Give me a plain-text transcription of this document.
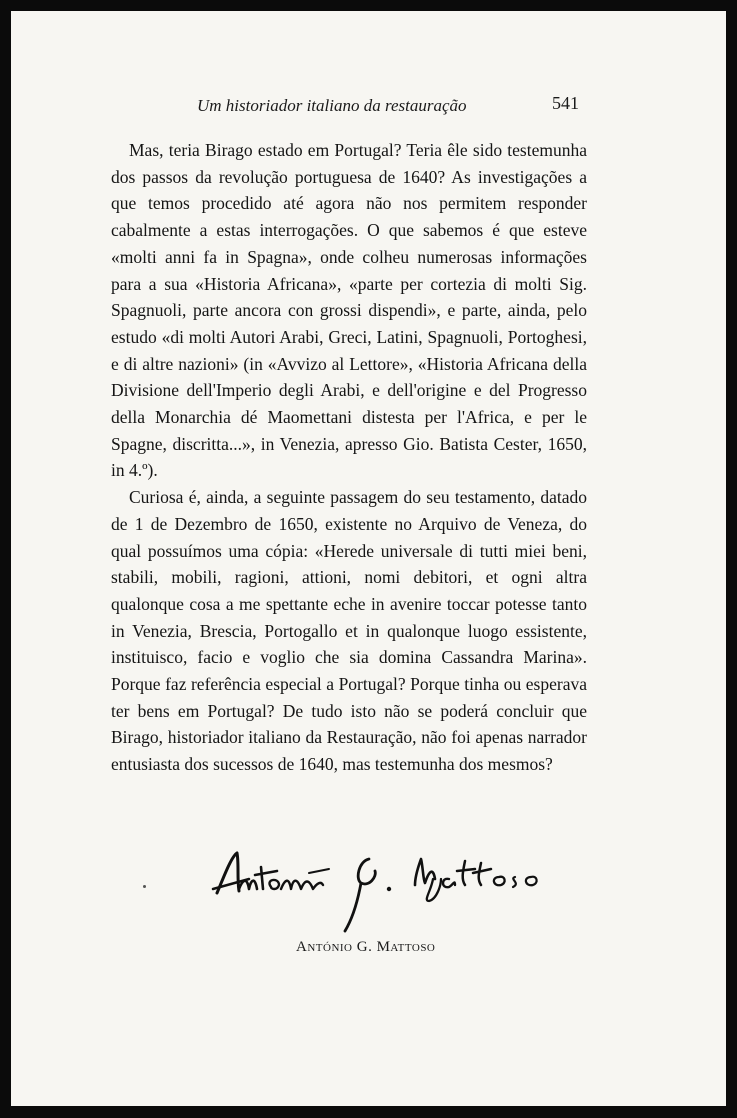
Um historiador italiano da restauração	541

Mas, teria Birago estado em Portugal? Teria êle sido testemunha dos passos da revolução portuguesa de 1640? As investigações a que temos procedido até agora não nos permitem responder cabalmente a estas interrogações. O que sabemos é que esteve «molti anni fa in Spagna», onde colheu numerosas informações para a sua «Historia Africana», «parte per cortezia di molti Sig. Spagnuoli, parte ancora con grossi dispendi», e parte, ainda, pelo estudo «di molti Autori Arabi, Greci, Latini, Spagnuoli, Portoghesi, e di altre nazioni» (in «Avvizo al Lettore», «Historia Africana della Divisione dell'Imperio degli Arabi, e dell'origine e del Progresso della Monarchia dé Maomettani distesta per l'Africa, e per le Spagne, discritta...», in Venezia, apresso Gio. Batista Cester, 1650, in 4.º).

Curiosa é, ainda, a seguinte passagem do seu testamento, datado de 1 de Dezembro de 1650, existente no Arquivo de Veneza, do qual possuímos uma cópia: «Herede universale di tutti miei beni, stabili, mobili, ragioni, attioni, nomi debitori, et ogni altra qualonque cosa a me spettante eche in avenire toccar potesse tanto in Venezia, Brescia, Portogallo et in qualonque luogo essistente, instituisco, facio e voglio che sia domina Cassandra Marina». Porque faz referência especial a Portugal? Porque tinha ou esperava ter bens em Portugal? De tudo isto não se poderá concluir que Birago, historiador italiano da Restauração, não foi apenas narrador entusiasta dos sucessos de 1640, mas testemunha dos mesmos?

António G. Mattoso
